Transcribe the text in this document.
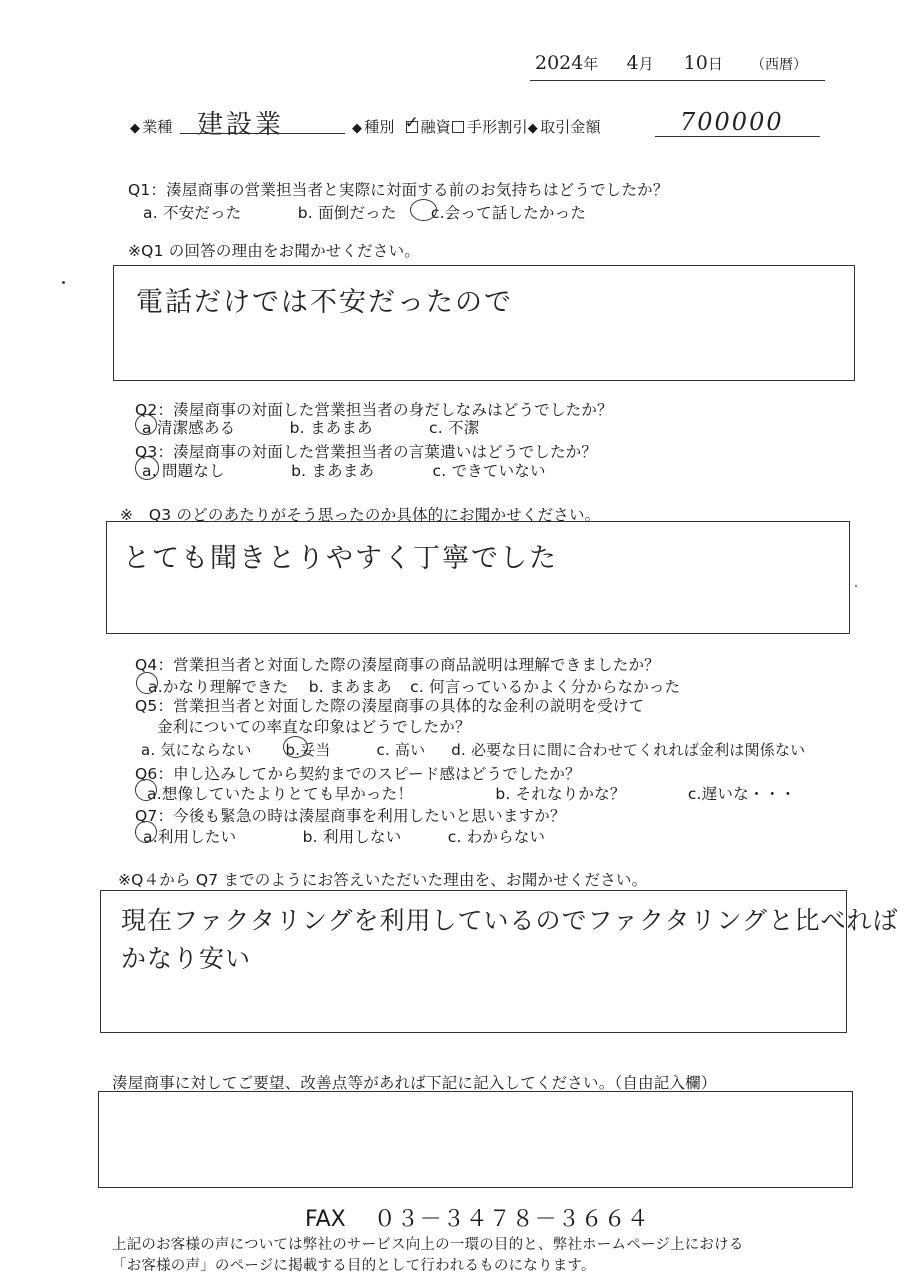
2024年 4月 10日 （西暦）
◆ 業種 建設業	◆ 種別 ✓ 融資 手形割引◆ 取引金額	700000
Q1：湊屋商事の営業担当者と実際に対面する前のお気持ちはどうでしたか？
a. 不安だった	b. 面倒だった c.会って話したかった
※Q1 の回答の理由をお聞かせください。
電話だけでは不安だったので
Q2：湊屋商事の対面した営業担当者の身だしなみはどうでしたか？
a 清潔感ある	b. まあまあ	c. 不潔
Q3：湊屋商事の対面した営業担当者の言葉遣いはどうでしたか？
a. 問題なし	b. まあまあ	c. できていない
※　Q3 のどのあたりがそう思ったのか具体的にお聞かせください。
とても聞きとりやすく丁寧でした
Q4：営業担当者と対面した際の湊屋商事の商品説明は理解できましたか？
a.かなり理解できた b. まあまあ c. 何言っているかよく分からなかった
Q5：営業担当者と対面した際の湊屋商事の具体的な金利の説明を受けて
金利についての率直な印象はどうでしたか？
a. 気にならない b.妥当	c. 高い d. 必要な日に間に合わせてくれれば金利は関係ない
Q6：申し込みしてから契約までのスピード感はどうでしたか？
a.想像していたよりとても早かった！	b. それなりかな？	c.遅いな・・・
Q7：今後も緊急の時は湊屋商事を利用したいと思いますか？
a.利用したい	b. 利用しない	c. わからない
※Q４から Q7 までのようにお答えいただいた理由を、お聞かせください。
現在ファクタリングを利用しているのでファクタリングと比べれば
かなり安い
湊屋商事に対してご要望、改善点等があれば下記に記入してください。（自由記入欄）
FAX ０３－３４７８－３６６４
上記のお客様の声については弊社のサービス向上の一環の目的と、弊社ホームページ上における
「お客様の声」のページに掲載する目的として行われるものになります。
